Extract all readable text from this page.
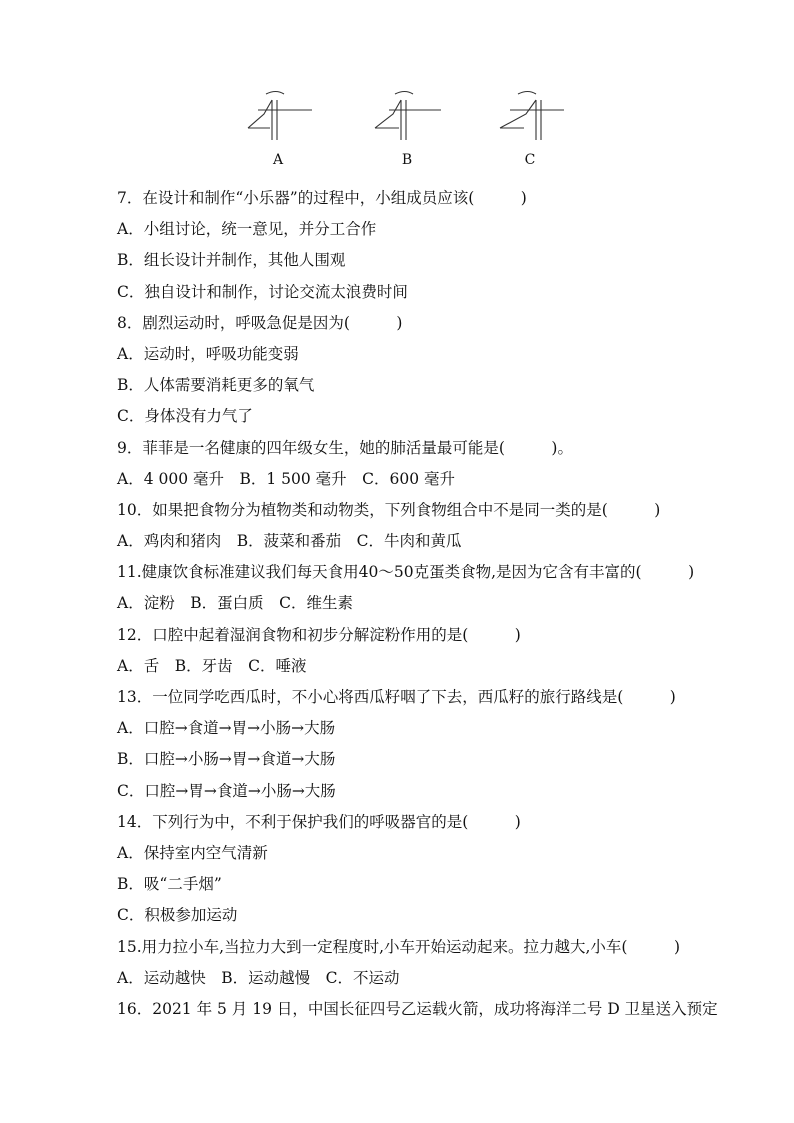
A	B	C
7．在设计和制作“小乐器”的过程中，小组成员应该(　　　)
A．小组讨论，统一意见，并分工合作
B．组长设计并制作，其他人围观
C．独自设计和制作，讨论交流太浪费时间
8．剧烈运动时，呼吸急促是因为(　　　)
A．运动时，呼吸功能变弱
B．人体需要消耗更多的氧气
C．身体没有力气了
9．菲菲是一名健康的四年级女生，她的肺活量最可能是(　　　)。
A．4 000 毫升　B．1 500 毫升　C．600 毫升
10．如果把食物分为植物类和动物类，下列食物组合中不是同一类的是(　　　)
A．鸡肉和猪肉　B．菠菜和番茄　C．牛肉和黄瓜
11.健康饮食标准建议我们每天食用40～50克蛋类食物,是因为它含有丰富的(　　　)
A．淀粉　B．蛋白质　C．维生素
12．口腔中起着湿润食物和初步分解淀粉作用的是(　　　)
A．舌　B．牙齿　C．唾液
13．一位同学吃西瓜时，不小心将西瓜籽咽了下去，西瓜籽的旅行路线是(　　　)
A．口腔→食道→胃→小肠→大肠
B．口腔→小肠→胃→食道→大肠
C．口腔→胃→食道→小肠→大肠
14．下列行为中，不利于保护我们的呼吸器官的是(　　　)
A．保持室内空气清新
B．吸“二手烟”
C．积极参加运动
15.用力拉小车,当拉力大到一定程度时,小车开始运动起来。拉力越大,小车(　　　)
A．运动越快　B．运动越慢　C．不运动
16．2021 年 5 月 19 日，中国长征四号乙运载火箭，成功将海洋二号 D 卫星送入预定
